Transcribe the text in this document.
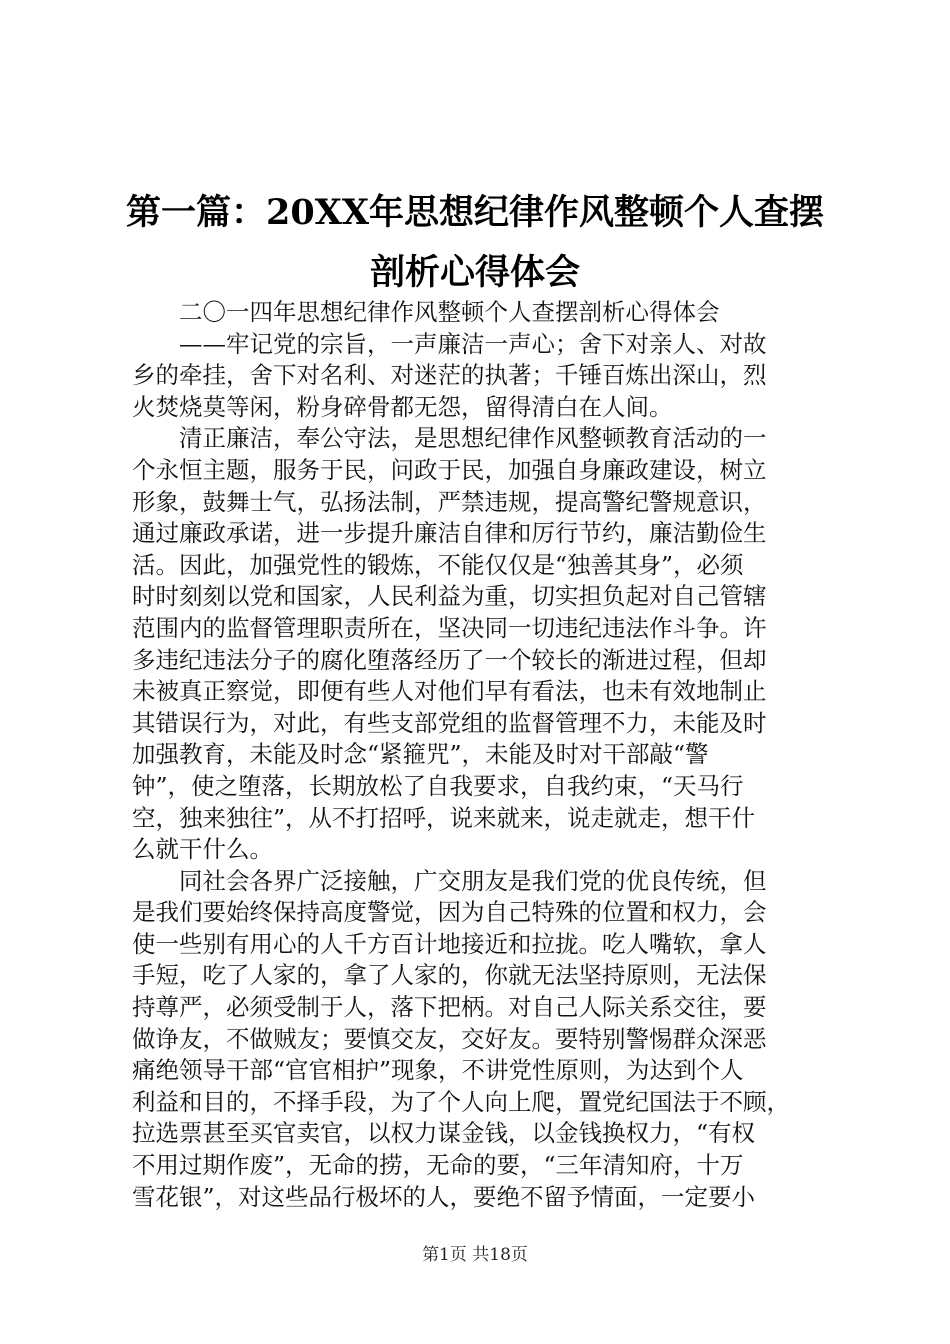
第一篇：20XX年思想纪律作风整顿个人查摆
剖析心得体会
二〇一四年思想纪律作风整顿个人查摆剖析心得体会
——牢记党的宗旨，一声廉洁一声心；舍下对亲人、对故
乡的牵挂，舍下对名利、对迷茫的执著；千锤百炼出深山，烈
火焚烧莫等闲，粉身碎骨都无怨，留得清白在人间。
清正廉洁，奉公守法，是思想纪律作风整顿教育活动的一
个永恒主题，服务于民，问政于民，加强自身廉政建设，树立
形象，鼓舞士气，弘扬法制，严禁违规，提高警纪警规意识，
通过廉政承诺，进一步提升廉洁自律和厉行节约，廉洁勤俭生
活。因此，加强党性的锻炼，不能仅仅是“独善其身”，必须
时时刻刻以党和国家，人民利益为重，切实担负起对自己管辖
范围内的监督管理职责所在，坚决同一切违纪违法作斗争。许
多违纪违法分子的腐化堕落经历了一个较长的渐进过程，但却
未被真正察觉，即便有些人对他们早有看法，也未有效地制止
其错误行为，对此，有些支部党组的监督管理不力，未能及时
加强教育，未能及时念“紧箍咒”，未能及时对干部敲“警
钟”，使之堕落，长期放松了自我要求，自我约束，“天马行
空，独来独往”，从不打招呼，说来就来，说走就走，想干什
么就干什么。
同社会各界广泛接触，广交朋友是我们党的优良传统，但
是我们要始终保持高度警觉，因为自己特殊的位置和权力，会
使一些别有用心的人千方百计地接近和拉拢。吃人嘴软，拿人
手短，吃了人家的，拿了人家的，你就无法坚持原则，无法保
持尊严，必须受制于人，落下把柄。对自己人际关系交往，要
做诤友，不做贼友；要慎交友，交好友。要特别警惕群众深恶
痛绝领导干部“官官相护”现象，不讲党性原则，为达到个人
利益和目的，不择手段，为了个人向上爬，置党纪国法于不顾，
拉选票甚至买官卖官，以权力谋金钱，以金钱换权力，“有权
不用过期作废”，无命的捞，无命的要，“三年清知府，十万
雪花银”，对这些品行极坏的人，要绝不留予情面，一定要小
第1页 共18页
